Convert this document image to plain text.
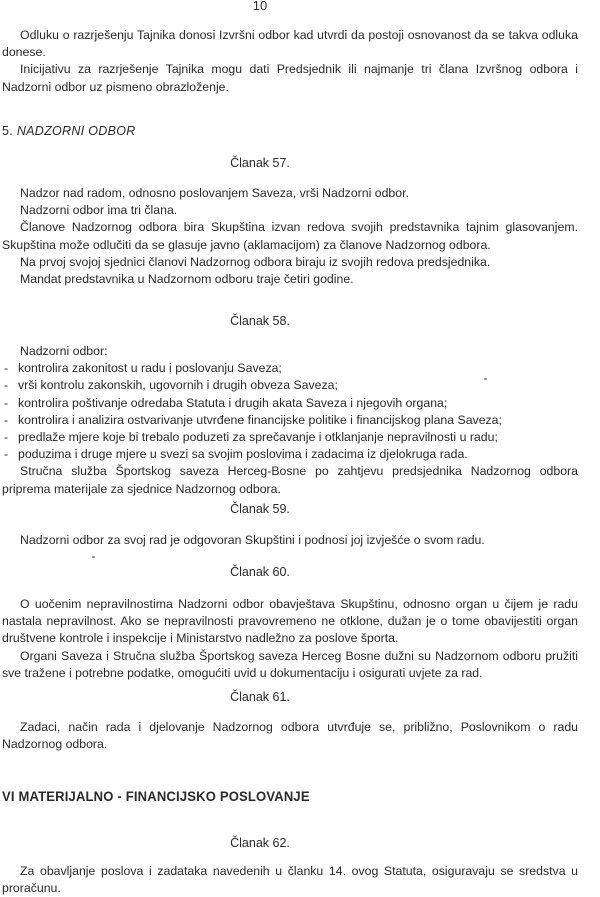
10

Odluku o razrješenju Tajnika donosi Izvršni odbor kad utvrdi da postoji osnovanost da se takva odluka donese.

Inicijativu za razrješenje Tajnika mogu dati Predsjednik ili najmanje tri člana Izvršnog odbora i Nadzorni odbor uz pismeno obrazloženje.

5. NADZORNI ODBOR
Članak 57.

Nadzor nad radom, odnosno poslovanjem Saveza, vrši Nadzorni odbor.

Nadzorni odbor ima tri člana.

Članove Nadzornog odbora bira Skupština izvan redova svojih predstavnika tajnim glasovanjem. Skupština može odlučiti da se glasuje javno (aklamacijom) za članove Nadzornog odbora.

Na prvoj svojoj sjednici članovi Nadzornog odbora biraju iz svojih redova predsjednika.

Mandat predstavnika u Nadzornom odboru traje četiri godine.

Članak 58.

Nadzorni odbor:

- kontrolira zakonitost u radu i poslovanju Saveza;
- vrši kontrolu zakonskih, ugovornih i drugih obveza Saveza;
- kontrolira poštivanje odredaba Statuta i drugih akata Saveza i njegovih organa;
- kontrolira i analizira ostvarivanje utvrđene financijske politike i financijskog plana Saveza;
- predlaže mjere koje bi trebalo poduzeti za sprečavanje i otklanjanje nepravilnosti u radu;
- poduzima i druge mjere u svezi sa svojim poslovima i zadacima iz djelokruga rada.

Stručna služba Športskog saveza Herceg-Bosne po zahtjevu predsjednika Nadzornog odbora priprema materijale za sjednice Nadzornog odbora.

Članak 59.

Nadzorni odbor za svoj rad je odgovoran Skupštini i podnosi joj izvješće o svom radu.

Članak 60.

O uočenim nepravilnostima Nadzorni odbor obavještava Skupštinu, odnosno organ u čijem je radu nastala nepravilnost. Ako se nepravilnosti pravovremeno ne otklone, dužan je o tome obavijestiti organ društvene kontrole i inspekcije i Ministarstvo nadležno za poslove športa.

Organi Saveza i Stručna služba Športskog saveza Herceg Bosne dužni su Nadzornom odboru pružiti sve tražene i potrebne podatke, omogućiti uvid u dokumentaciju i osigurati uvjete za rad.

Članak 61.

Zadaci, način rada i djelovanje Nadzornog odbora utvrđuje se, približno, Poslovnikom o radu Nadzornog odbora.

VI MATERIJALNO - FINANCIJSKO POSLOVANJE
Članak 62.

Za obavljanje poslova i zadataka navedenih u članku 14. ovog Statuta, osiguravaju se sredstva u proračunu.
